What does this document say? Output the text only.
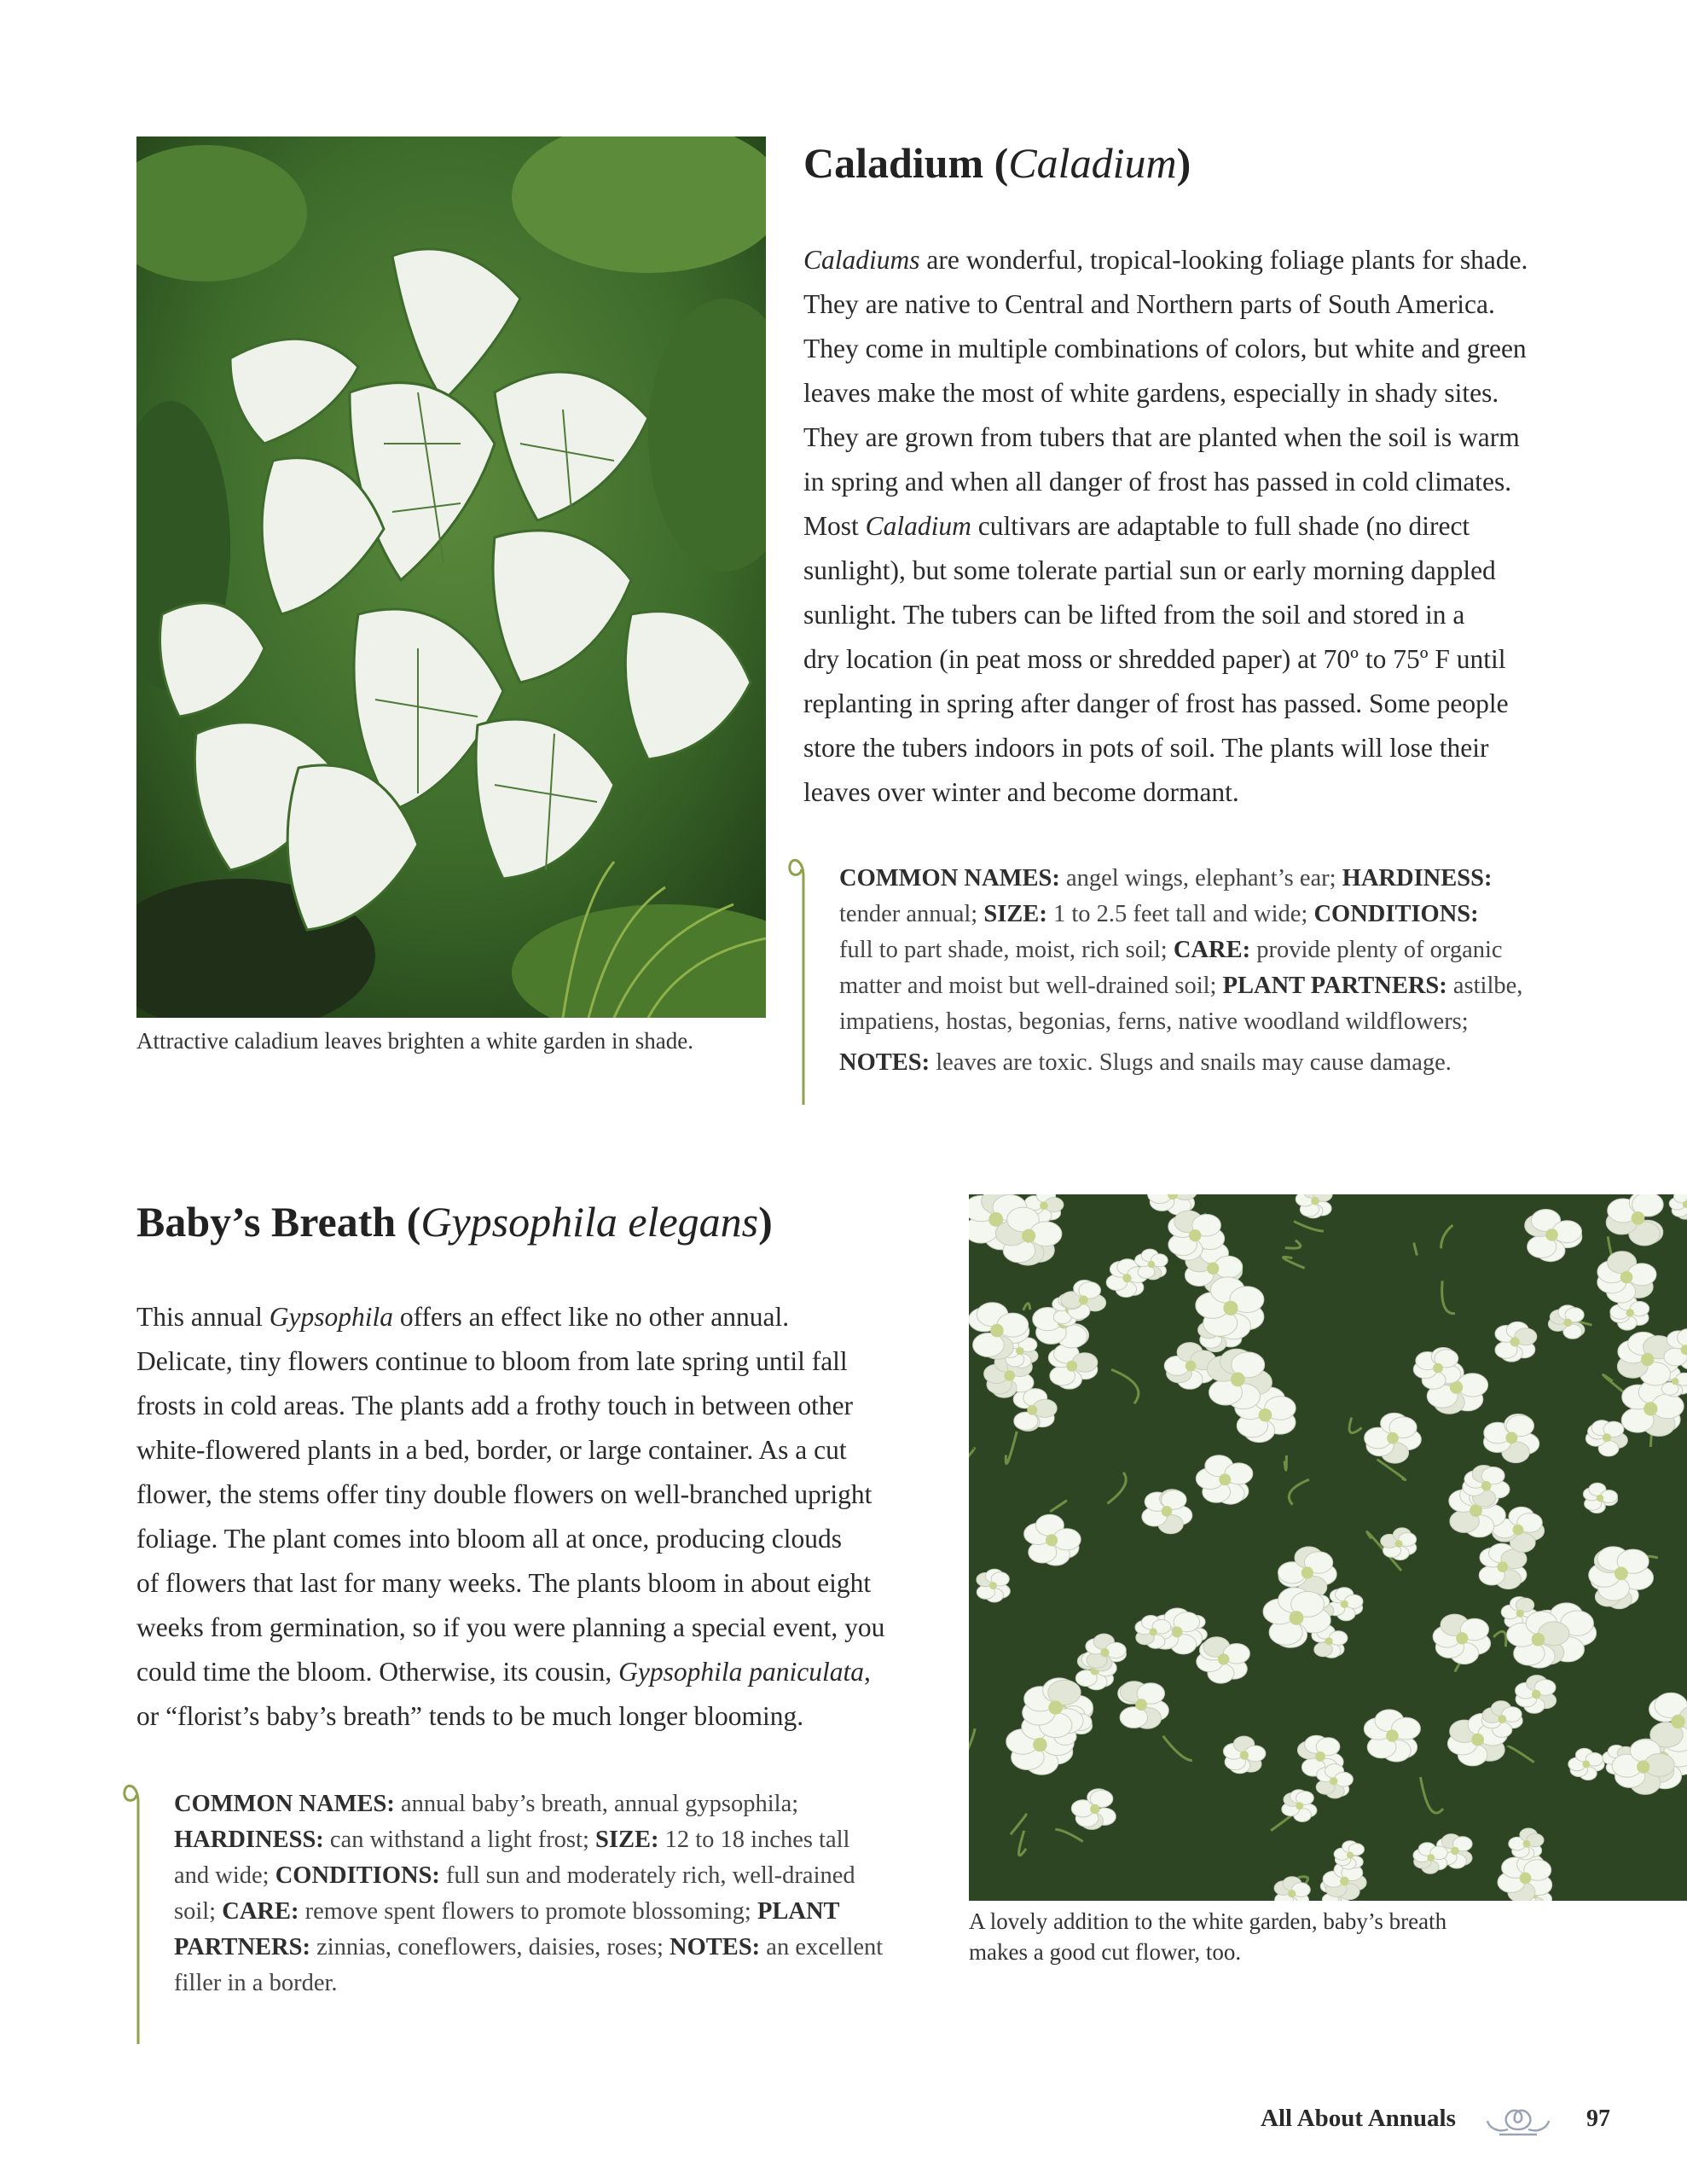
Attractive caladium leaves brighten a white garden in shade.
Caladium (Caladium)
Caladiums are wonderful, tropical-looking foliage plants for shade.
They are native to Central and Northern parts of South America.
They come in multiple combinations of colors, but white and green
leaves make the most of white gardens, especially in shady sites.
They are grown from tubers that are planted when the soil is warm
in spring and when all danger of frost has passed in cold climates.
Most Caladium cultivars are adaptable to full shade (no direct
sunlight), but some tolerate partial sun or early morning dappled
sunlight. The tubers can be lifted from the soil and stored in a
dry location (in peat moss or shredded paper) at 70º to 75º F until
replanting in spring after danger of frost has passed. Some people
store the tubers indoors in pots of soil. The plants will lose their
leaves over winter and become dormant.
COMMON NAMES: angel wings, elephant’s ear; HARDINESS:
tender annual; SIZE: 1 to 2.5 feet tall and wide; CONDITIONS:
full to part shade, moist, rich soil; CARE: provide plenty of organic
matter and moist but well-drained soil; PLANT PARTNERS: astilbe,
impatiens, hostas, begonias, ferns, native woodland wildflowers;
NOTES: leaves are toxic. Slugs and snails may cause damage.
Baby’s Breath (Gypsophila elegans)
This annual Gypsophila offers an effect like no other annual.
Delicate, tiny flowers continue to bloom from late spring until fall
frosts in cold areas. The plants add a frothy touch in between other
white-flowered plants in a bed, border, or large container. As a cut
flower, the stems offer tiny double flowers on well-branched upright
foliage. The plant comes into bloom all at once, producing clouds
of flowers that last for many weeks. The plants bloom in about eight
weeks from germination, so if you were planning a special event, you
could time the bloom. Otherwise, its cousin, Gypsophila paniculata,
or “florist’s baby’s breath” tends to be much longer blooming.
COMMON NAMES: annual baby’s breath, annual gypsophila;
HARDINESS: can withstand a light frost; SIZE: 12 to 18 inches tall
and wide; CONDITIONS: full sun and moderately rich, well-drained
soil; CARE: remove spent flowers to promote blossoming; PLANT
PARTNERS: zinnias, coneflowers, daisies, roses; NOTES: an excellent
filler in a border.
A lovely addition to the white garden, baby’s breath
makes a good cut flower, too.
All About Annuals	97
